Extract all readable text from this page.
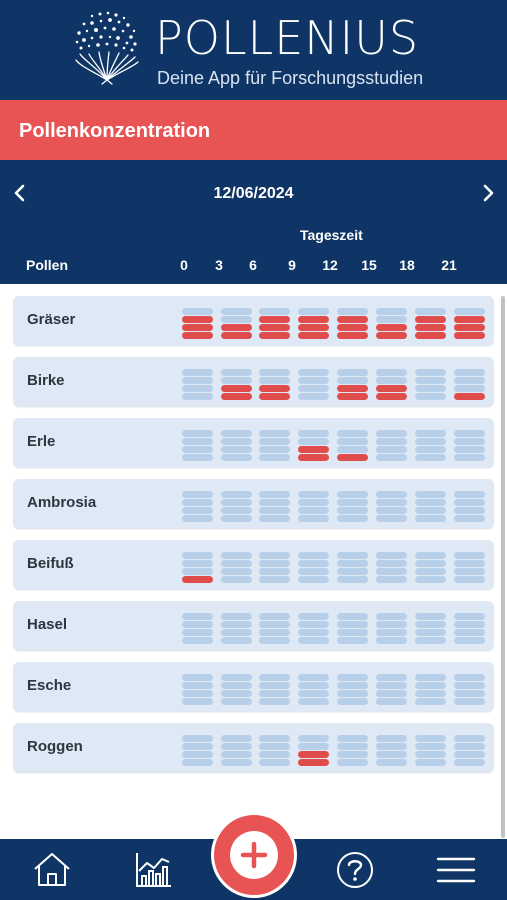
POLLENIUS
Deine App für Forschungsstudien
Pollenkonzentration
12/06/2024
Tageszeit
Pollen	0	3	6	9	12	15	18	21
Gräser
Birke
Erle
Ambrosia
Beifuß
Hasel
Esche
Roggen
